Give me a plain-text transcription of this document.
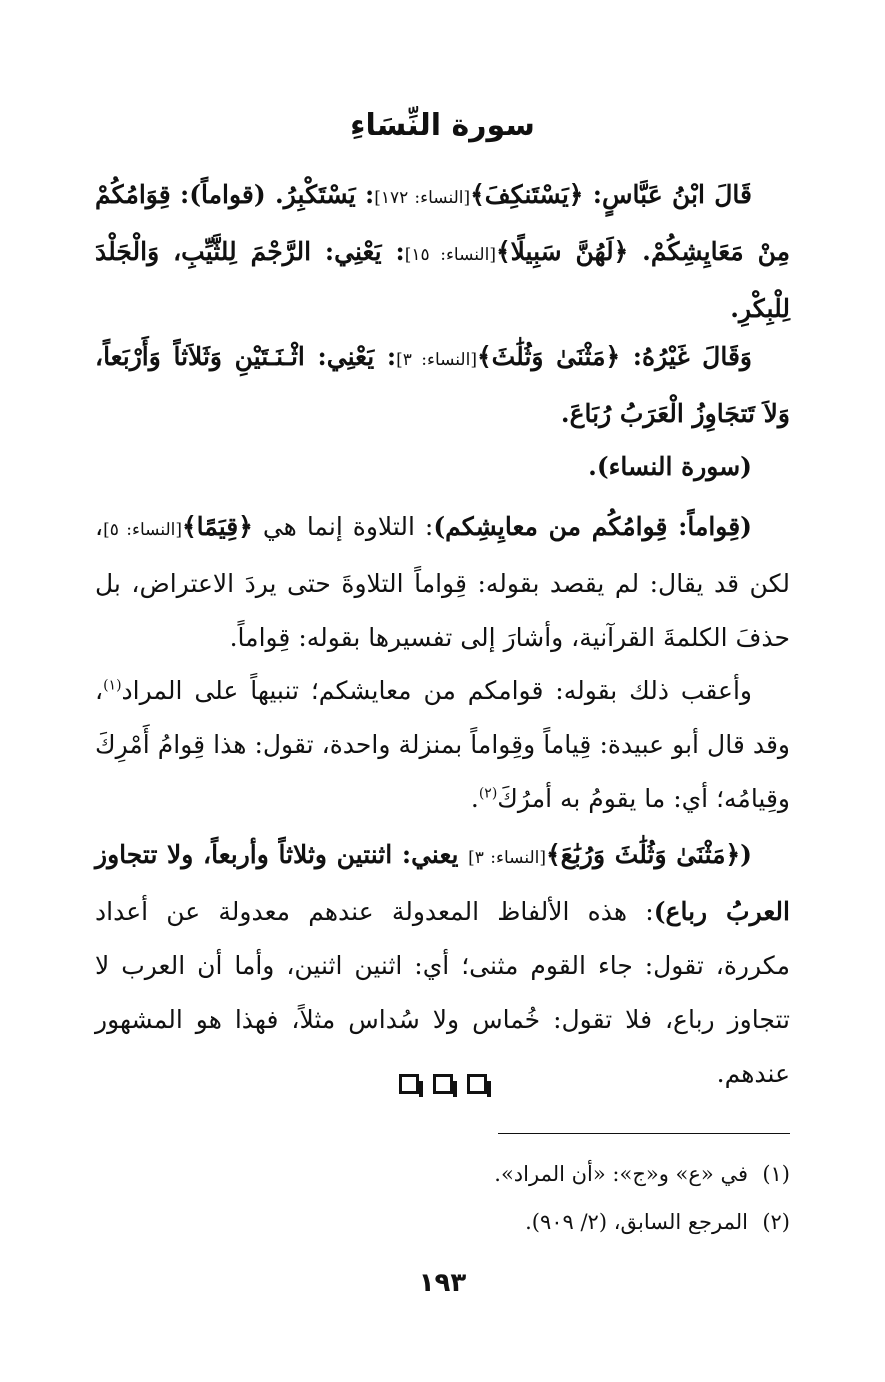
سورة النِّسَاءِ

قَالَ ابْنُ عَبَّاسٍ: ﴿يَسْتَنكِفَ﴾[النساء: ١٧٢]: يَسْتَكْبِرُ. (قواماً): قِوَامُكُمْ مِنْ مَعَايِشِكُمْ. ﴿لَهُنَّ سَبِيلًا﴾[النساء: ١٥]: يَعْنِي: الرَّجْمَ لِلثَّيِّبِ، وَالْجَلْدَ لِلْبِكْرِ.

وَقَالَ غَيْرُهُ: ﴿مَثْنَىٰ وَثُلَٰثَ﴾[النساء: ٣]: يَعْنِي: اثْـنَـتَيْنِ وَثَلاَثاً وَأَرْبَعاً، وَلاَ تَتجَاوِزُ الْعَرَبُ رُبَاعَ.

(سورة النساء).

(قِواماً: قِوامُكُم من معايِشِكم): التلاوة إنما هي ﴿قِيَمًا﴾[النساء: ٥]، لكن قد يقال: لم يقصد بقوله: قِواماً التلاوةَ حتى يردَ الاعتراض، بل حذفَ الكلمةَ القرآنية، وأشارَ إلى تفسيرها بقوله: قِواماً.

وأعقب ذلك بقوله: قوامكم من معايشكم؛ تنبيهاً على المراد$^{(١)}$، وقد قال أبو عبيدة: قِياماً وقِواماً بمنزلة واحدة، تقول: هذا قِوامُ أَمْرِكَ وقِيامُه؛ أي: ما يقومُ به أمرُكَ$^{(٢)}$.

(﴿مَثْنَىٰ وَثُلَٰثَ وَرُبَٰعَ﴾[النساء: ٣] يعني: اثنتين وثلاثاً وأربعاً، ولا تتجاوز العربُ رباع): هذه الألفاظ المعدولة عندهم معدولة عن أعداد مكررة، تقول: جاء القوم مثنى؛ أي: اثنين اثنين، وأما أن العرب لا تتجاوز رباع، فلا تقول: خُماس ولا سُداس مثلاً، فهذا هو المشهور عندهم.

(١)في «ع» و«ج»: «أن المراد».

(٢)المرجع السابق، (٢/ ٩٠٩).

١٩٣
